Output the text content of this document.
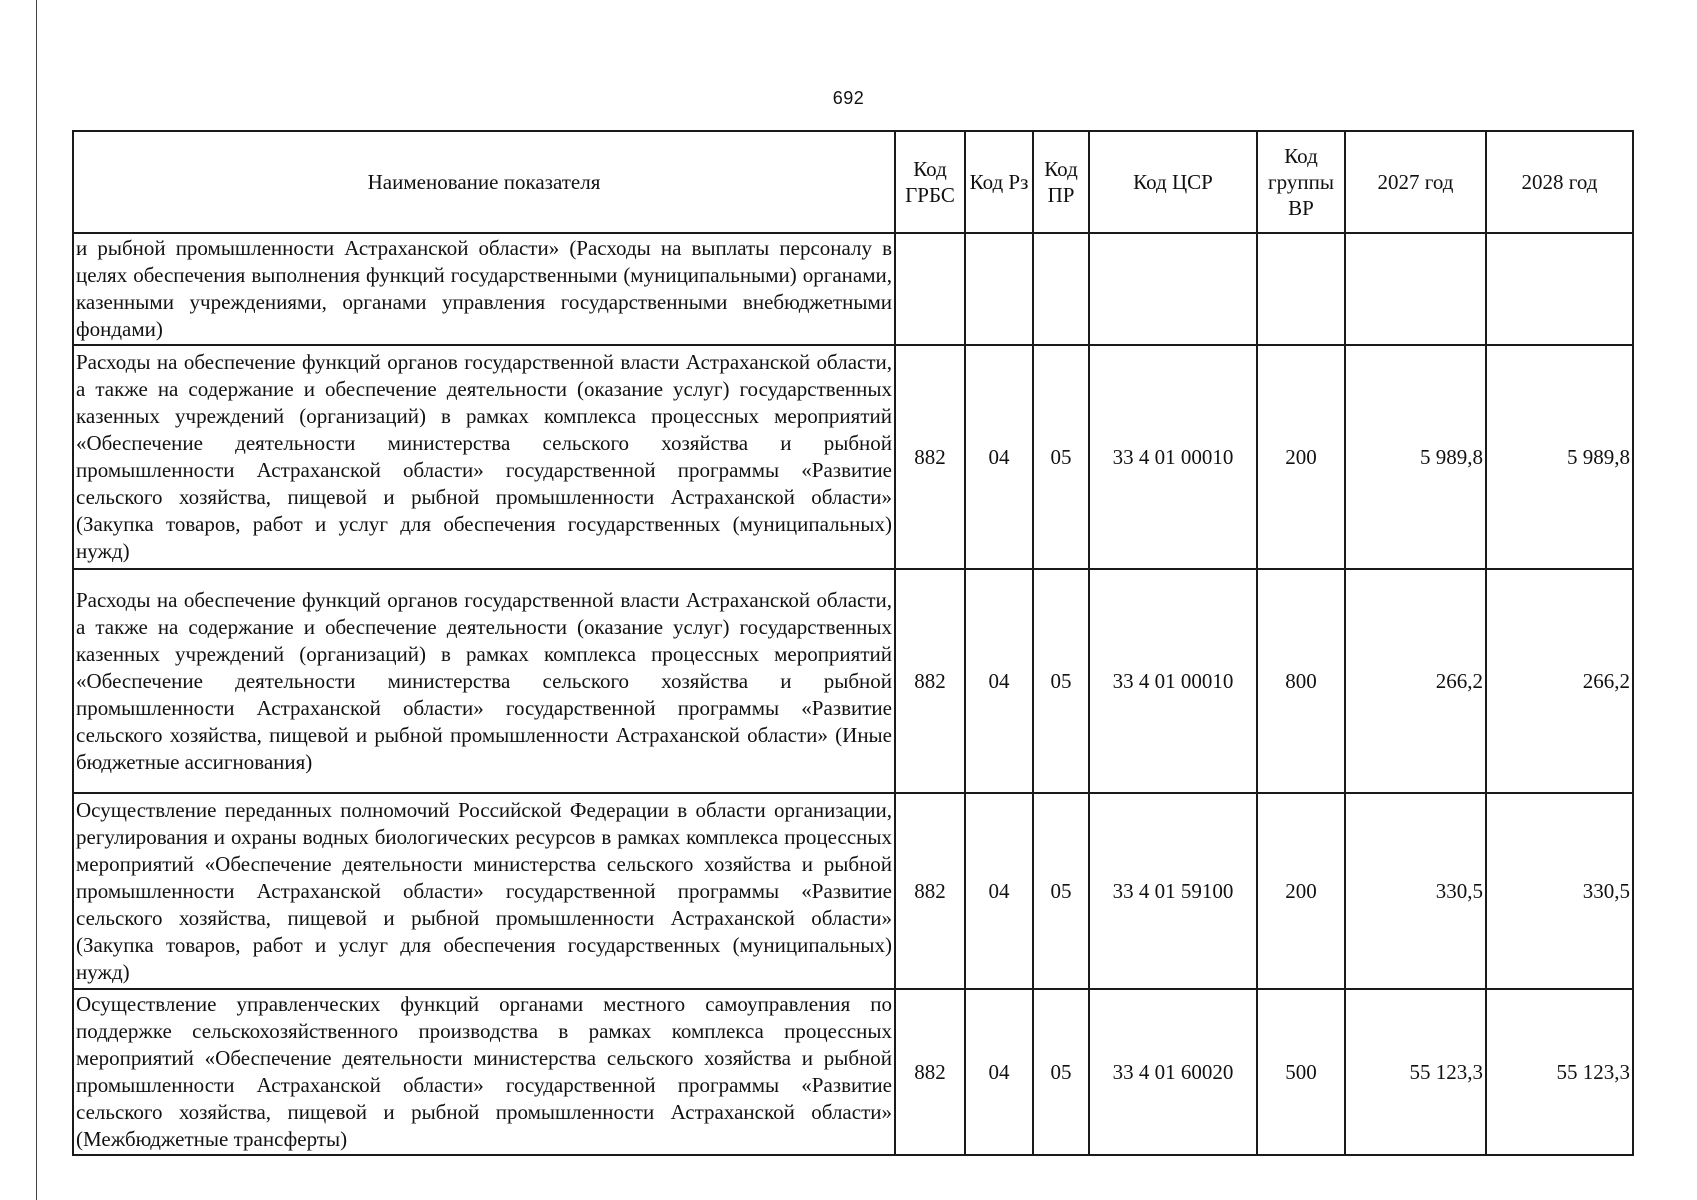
692
Наименование показателя	Код ГРБС	Код Рз	Код ПР	Код ЦСР	Код группы ВР	2027 год	2028 год
и рыбной промышленности Астраханской области» (Расходы на выплаты персоналу в целях обеспечения выполнения функций государственными (муниципальными) органами, казенными учреждениями, органами управления государственными внебюджетными фондами)							
Расходы на обеспечение функций органов государственной власти Астраханской области, а также на содержание и обеспечение деятельности (оказание услуг) государственных казенных учреждений (организаций) в рамках комплекса процессных мероприятий «Обеспечение деятельности министерства сельского хозяйства и рыбной промышленности Астраханской области» государственной программы «Развитие сельского хозяйства, пищевой и рыбной промышленности Астраханской области» (Закупка товаров, работ и услуг для обеспечения государственных (муниципальных) нужд)	882	04	05	33 4 01 00010	200	5 989,8	5 989,8
Расходы на обеспечение функций органов государственной власти Астраханской области, а также на содержание и обеспечение деятельности (оказание услуг) государственных казенных учреждений (организаций) в рамках комплекса процессных мероприятий «Обеспечение деятельности министерства сельского хозяйства и рыбной промышленности Астраханской области» государственной программы «Развитие сельского хозяйства, пищевой и рыбной промышленности Астраханской области» (Иные бюджетные ассигнования)	882	04	05	33 4 01 00010	800	266,2	266,2
Осуществление переданных полномочий Российской Федерации в области организации, регулирования и охраны водных биологических ресурсов в рамках комплекса процессных мероприятий «Обеспечение деятельности министерства сельского хозяйства и рыбной промышленности Астраханской области» государственной программы «Развитие сельского хозяйства, пищевой и рыбной промышленности Астраханской области» (Закупка товаров, работ и услуг для обеспечения государственных (муниципальных) нужд)	882	04	05	33 4 01 59100	200	330,5	330,5
Осуществление управленческих функций органами местного самоуправления по поддержке сельскохозяйственного производства в рамках комплекса процессных мероприятий «Обеспечение деятельности министерства сельского хозяйства и рыбной промышленности Астраханской области» государственной программы «Развитие сельского хозяйства, пищевой и рыбной промышленности Астраханской области» (Межбюджетные трансферты)	882	04	05	33 4 01 60020	500	55 123,3	55 123,3
